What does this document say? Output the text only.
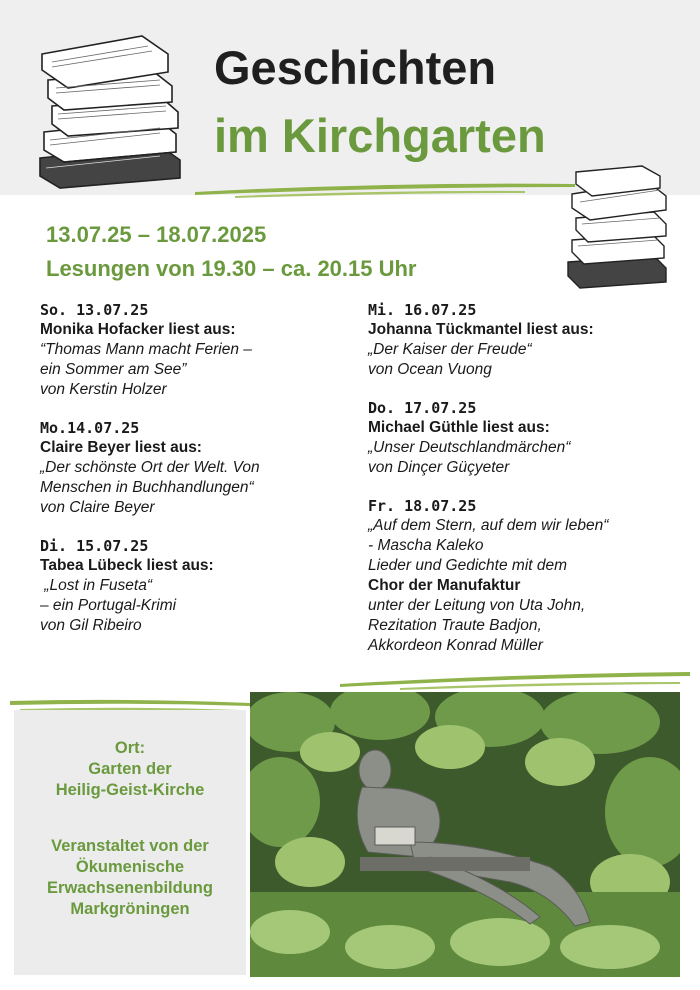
Geschichten
im Kirchgarten
13.07.25 – 18.07.2025
Lesungen von 19.30 – ca. 20.15 Uhr
So. 13.07.25
Monika Hofacker liest aus:
“Thomas Mann macht Ferien –
ein Sommer am See”
von Kerstin Holzer
Mo.14.07.25
Claire Beyer liest aus:
„Der schönste Ort der Welt. Von
Menschen in Buchhandlungen“
von Claire Beyer
Di. 15.07.25
Tabea Lübeck liest aus:
„Lost in Fuseta“
– ein Portugal-Krimi
von Gil Ribeiro
Mi. 16.07.25
Johanna Tückmantel liest aus:
„Der Kaiser der Freude“
von Ocean Vuong
Do. 17.07.25
Michael Güthle liest aus:
„Unser Deutschlandmärchen“
von Dinçer Güçyeter
Fr. 18.07.25
„Auf dem Stern, auf dem wir leben“
- Mascha Kaleko
Lieder und Gedichte mit dem
Chor der Manufaktur
unter der Leitung von Uta John,
Rezitation Traute Badjon,
Akkordeon Konrad Müller
Ort:
Garten der
Heilig-Geist-Kirche
Veranstaltet von der
Ökumenische
Erwachsenenbildung
Markgröningen
